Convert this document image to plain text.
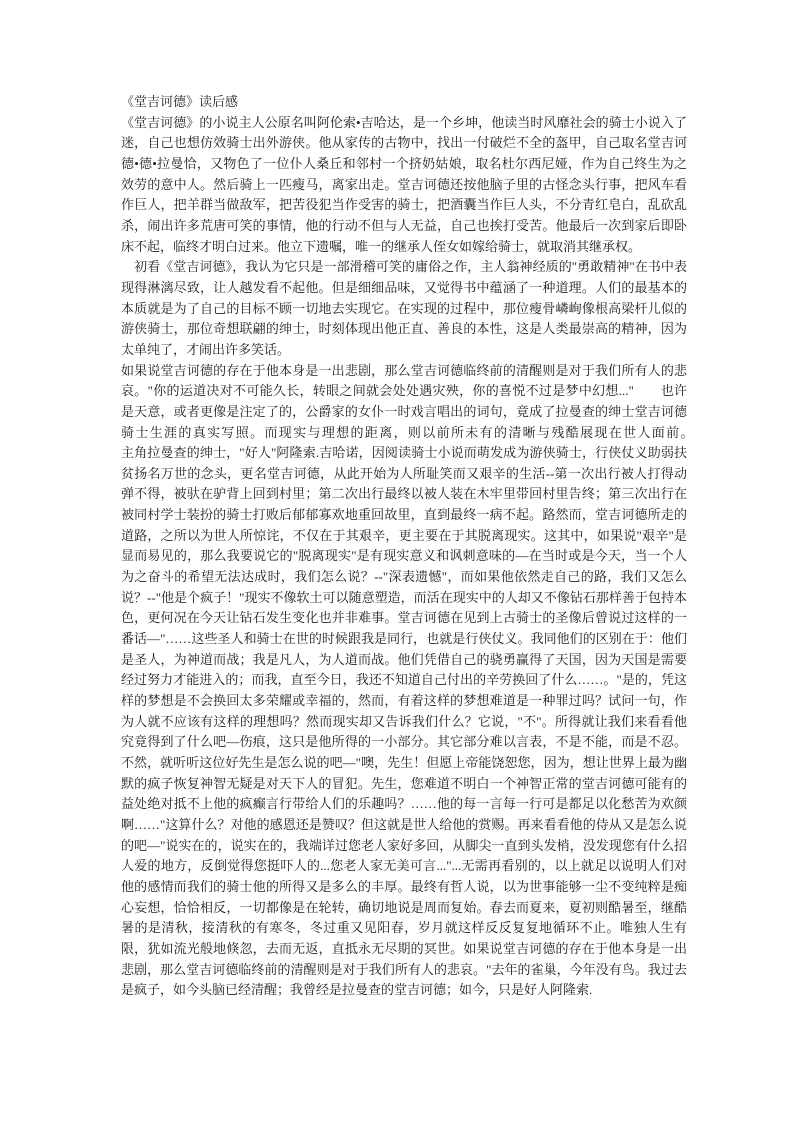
《堂吉诃德》读后感

《堂吉诃德》的小说主人公原名叫阿伦索•吉哈达，是一个乡坤，他读当时风靡社会的骑士小说入了迷，自己也想仿效骑士出外游侠。他从家传的古物中，找出一付破烂不全的盔甲，自己取名堂吉诃德•德•拉曼恰，又物色了一位仆人桑丘和邻村一个挤奶姑娘，取名杜尔西尼娅，作为自己终生为之效劳的意中人。然后骑上一匹瘦马，离家出走。堂吉诃德还按他脑子里的古怪念头行事，把风车看作巨人，把羊群当做敌军，把苦役犯当作受害的骑士，把酒囊当作巨人头，不分青红皂白，乱砍乱杀，闹出许多荒唐可笑的事情，他的行动不但与人无益，自己也挨打受苦。他最后一次到家后即卧床不起，临终才明白过来。他立下遗嘱，唯一的继承人侄女如嫁给骑士，就取消其继承权。

　初看《堂吉诃德》，我认为它只是一部滑稽可笑的庸俗之作，主人翁神经质的"勇敢精神"在书中表现得淋漓尽致，让人越发看不起他。但是细细品味，又觉得书中蕴涵了一种道理。人们的最基本的本质就是为了自己的目标不顾一切地去实现它。在实现的过程中，那位瘦骨嶙峋像根高梁杆儿似的游侠骑士，那位奇想联翩的绅士，时刻体现出他正直、善良的本性，这是人类最崇高的精神，因为太单纯了，才闹出许多笑话。

如果说堂吉诃德的存在于他本身是一出悲剧，那么堂吉诃德临终前的清醒则是对于我们所有人的悲哀。"你的运道决对不可能久长，转眼之间就会处处遇灾殃，你的喜悦不过是梦中幻想..."　　也许是天意，或者更像是注定了的，公爵家的女仆一时戏言唱出的词句，竟成了拉曼查的绅士堂吉诃德骑士生涯的真实写照。而现实与理想的距离，则以前所未有的清晰与残酷展现在世人面前。　　　　主角拉曼查的绅士，"好人"阿隆索.吉哈诺，因阅读骑士小说而萌发成为游侠骑士，行侠仗义助弱扶贫扬名万世的念头，更名堂吉诃德，从此开始为人所耻笑而又艰辛的生活--第一次出行被人打得动弹不得，被驮在驴背上回到村里；第二次出行最终以被人装在木牢里带回村里告终；第三次出行在被同村学士装扮的骑士打败后郁郁寡欢地重回故里，直到最终一病不起。路然而，堂吉诃德所走的道路，之所以为世人所惊诧，不仅在于其艰辛，更主要在于其脱离现实。这其中，如果说"艰辛"是显而易见的，那么我要说它的"脱离现实"是有现实意义和讽刺意味的—在当时或是今天，当一个人为之奋斗的希望无法达成时，我们怎么说？--"深表遗憾"，而如果他依然走自己的路，我们又怎么说？--"他是个疯子！"现实不像软土可以随意塑造，而活在现实中的人却又不像钻石那样善于包持本色，更何况在今天让钻石发生变化也并非难事。堂吉诃德在见到上古骑士的圣像后曾说过这样的一番话—"……这些圣人和骑士在世的时候跟我是同行，也就是行侠仗义。我同他们的区别在于：他们是圣人，为神道而战；我是凡人，为人道而战。他们凭借自己的骁勇赢得了天国，因为天国是需要经过努力才能进入的；而我，直至今日，我还不知道自己付出的辛劳换回了什么……。"是的，凭这样的梦想是不会换回太多荣耀或幸福的，然而，有着这样的梦想难道是一种罪过吗？试问一句，作为人就不应该有这样的理想吗？然而现实却又告诉我们什么？它说，"不"。所得就让我们来看看他究竟得到了什么吧—伤痕，这只是他所得的一小部分。其它部分难以言表，不是不能，而是不忍。不然，就听听这位好先生是怎么说的吧—"噢，先生！但愿上帝能饶恕您，因为，想让世界上最为幽默的疯子恢复神智无疑是对天下人的冒犯。先生，您难道不明白一个神智正常的堂吉诃德可能有的益处绝对抵不上他的疯癫言行带给人们的乐趣吗？……他的每一言每一行可是都足以化愁苦为欢颜啊……"这算什么？对他的感恩还是赞叹？但这就是世人给他的赏赐。再来看看他的侍从又是怎么说的吧—"说实在的，说实在的，我端详过您老人家好多回，从脚尖一直到头发梢，没发现您有什么招人爱的地方，反倒觉得您挺吓人的...您老人家无美可言..."...无需再看别的，以上就足以说明人们对他的感情而我们的骑士他的所得又是多么的丰厚。最终有哲人说，以为世事能够一尘不变纯粹是痴心妄想，恰恰相反，一切都像是在轮转，确切地说是周而复始。春去而夏来，夏初则酷暑至，继酷暑的是清秋，接清秋的有寒冬，冬过重又见阳春，岁月就这样反反复复地循环不止。唯独人生有限，犹如流光般地倏忽，去而无返，直抵永无尽期的冥世。如果说堂吉诃德的存在于他本身是一出悲剧，那么堂吉诃德临终前的清醒则是对于我们所有人的悲哀。"去年的雀巢，今年没有鸟。我过去是疯子，如今头脑已经清醒；我曾经是拉曼查的堂吉诃德；如今，只是好人阿隆索.
